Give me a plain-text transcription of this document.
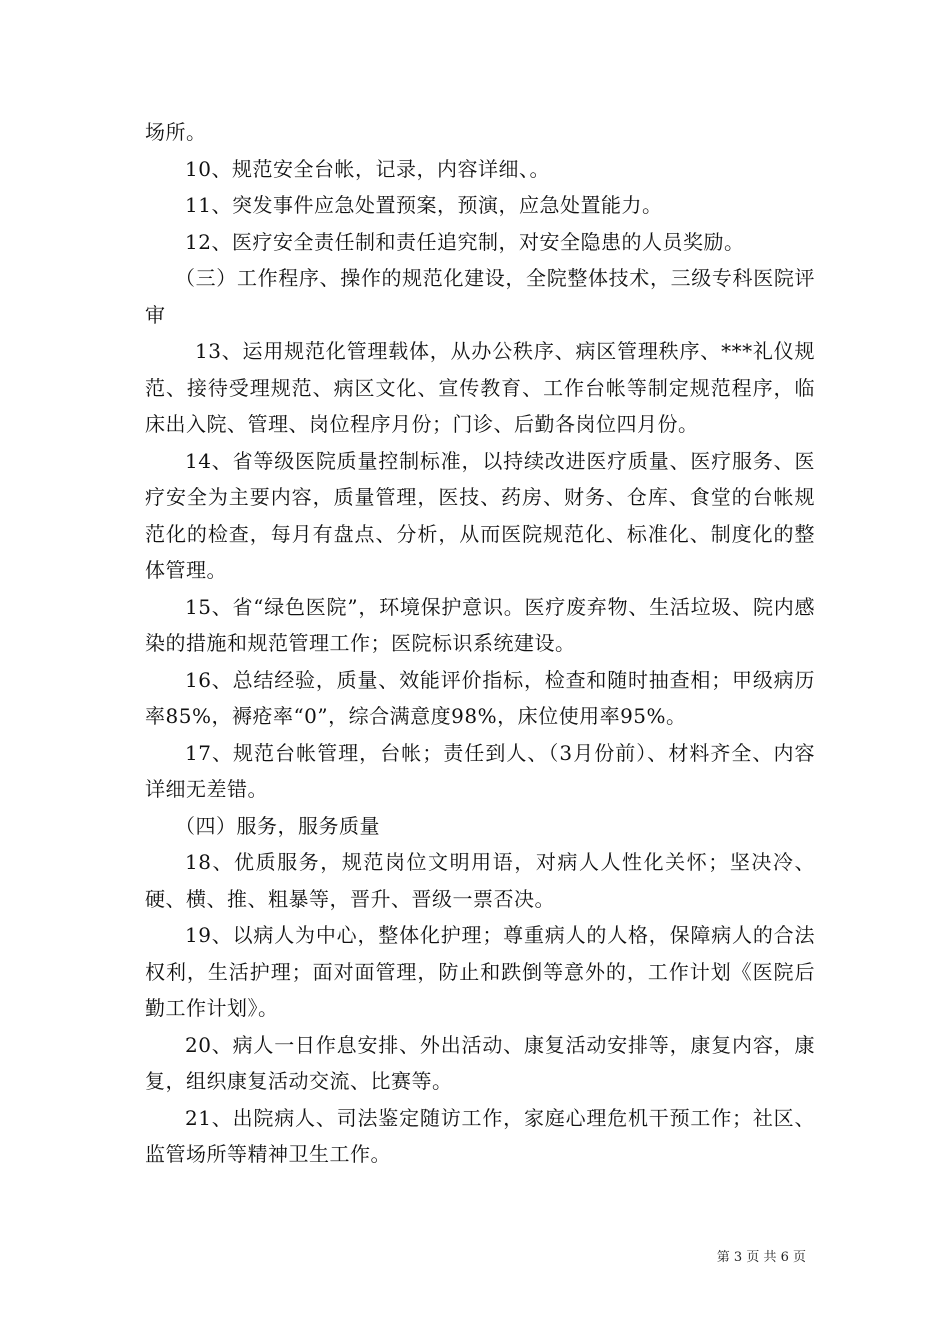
场所。

10、规范安全台帐，记录，内容详细、。

11、突发事件应急处置预案，预演，应急处置能力。

12、医疗安全责任制和责任追究制，对安全隐患的人员奖励。

（三）工作程序、操作的规范化建设，全院整体技术，三级专科医院评审

13、运用规范化管理载体，从办公秩序、病区管理秩序、***礼仪规范、接待受理规范、病区文化、宣传教育、工作台帐等制定规范程序，临床出入院、管理、岗位程序月份；门诊、后勤各岗位四月份。

14、省等级医院质量控制标准，以持续改进医疗质量、医疗服务、医疗安全为主要内容，质量管理，医技、药房、财务、仓库、食堂的台帐规范化的检查，每月有盘点、分析，从而医院规范化、标准化、制度化的整体管理。

15、省“绿色医院”，环境保护意识。医疗废弃物、生活垃圾、院内感染的措施和规范管理工作；医院标识系统建设。

16、总结经验，质量、效能评价指标，检查和随时抽查相；甲级病历率85%，褥疮率“0”，综合满意度98%，床位使用率95%。

17、规范台帐管理，台帐；责任到人、（3月份前）、材料齐全、内容详细无差错。

（四）服务，服务质量

18、优质服务，规范岗位文明用语，对病人人性化关怀；坚决冷、硬、横、推、粗暴等，晋升、晋级一票否决。

19、以病人为中心，整体化护理；尊重病人的人格，保障病人的合法权利，生活护理；面对面管理，防止和跌倒等意外的，工作计划《医院后勤工作计划》。

20、病人一日作息安排、外出活动、康复活动安排等，康复内容，康复，组织康复活动交流、比赛等。

21、出院病人、司法鉴定随访工作，家庭心理危机干预工作；社区、监管场所等精神卫生工作。

第 3 页 共 6 页
